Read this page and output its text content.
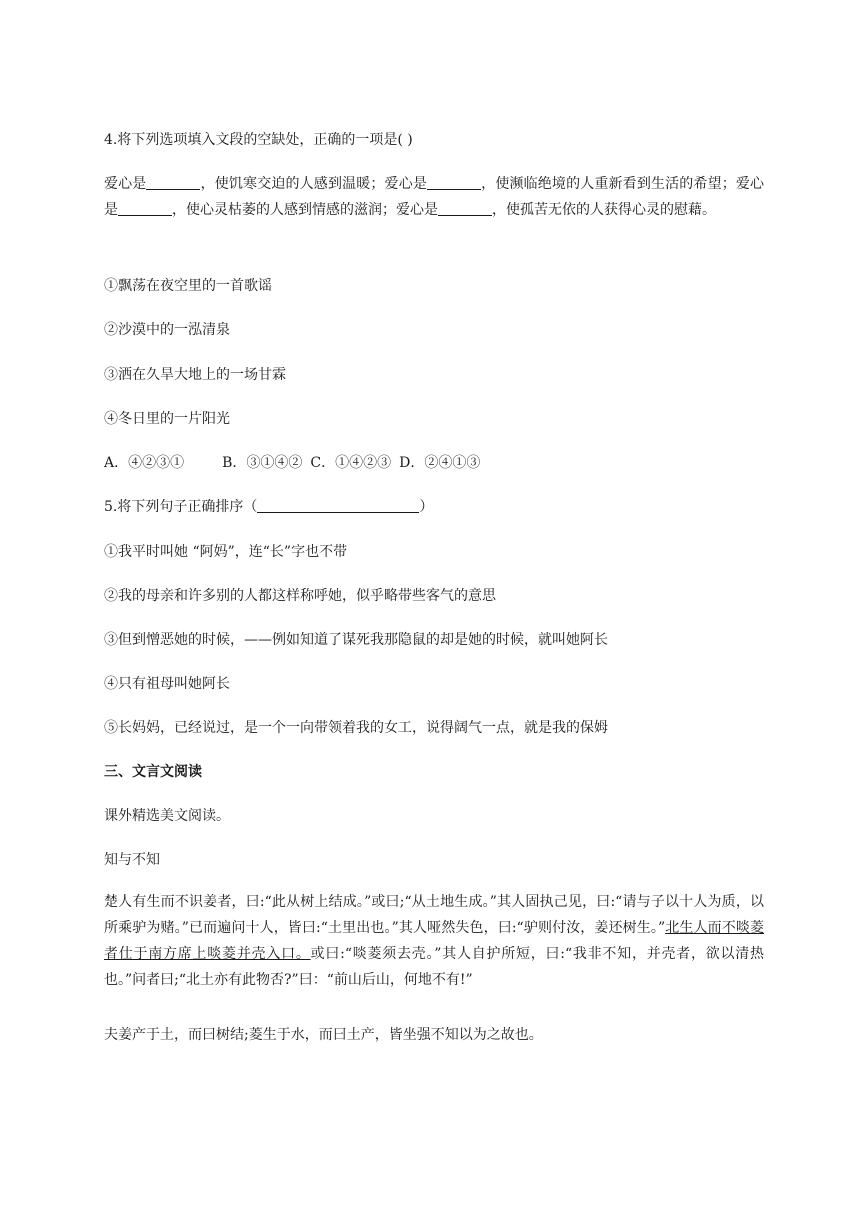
4.将下列选项填入文段的空缺处，正确的一项是( )
爱心是	，使饥寒交迫的人感到温暖；爱心是	，使濒临绝境的人重新看到生活的希望；爱心是	，使心灵枯萎的人感到情感的滋润；爱心是	，使孤苦无依的人获得心灵的慰藉。
①飘荡在夜空里的一首歌谣
②沙漠中的一泓清泉
③洒在久旱大地上的一场甘霖
④冬日里的一片阳光
A．④②③①	B．③①④② C．①④②③ D．②④①③
5.将下列句子正确排序（	）
①我平时叫她 “阿妈”，连“长”字也不带
②我的母亲和许多别的人都这样称呼她，似乎略带些客气的意思
③但到憎恶她的时候，——例如知道了谋死我那隐鼠的却是她的时候，就叫她阿长
④只有祖母叫她阿长
⑤长妈妈，已经说过，是一个一向带领着我的女工，说得阔气一点，就是我的保姆
三、文言文阅读
课外精选美文阅读。
知与不知
楚人有生而不识姜者，曰:“此从树上结成。”或曰;“从土地生成。”其人固执己见，曰:“请与子以十人为质，以所乘驴为赌。”已而遍问十人，皆曰:“土里出也。”其人哑然失色，曰:“驴则付汝，姜还树生。”北生人而不啖菱者仕于南方席上啖菱并壳入口。或曰:“啖菱须去壳。”其人自护所短，曰:“我非不知，并壳者，欲以清热也。”问者曰;“北土亦有此物否?”曰：“前山后山，何地不有!”
夫姜产于土，而曰树结;菱生于水，而曰土产，皆坐强不知以为之故也。
